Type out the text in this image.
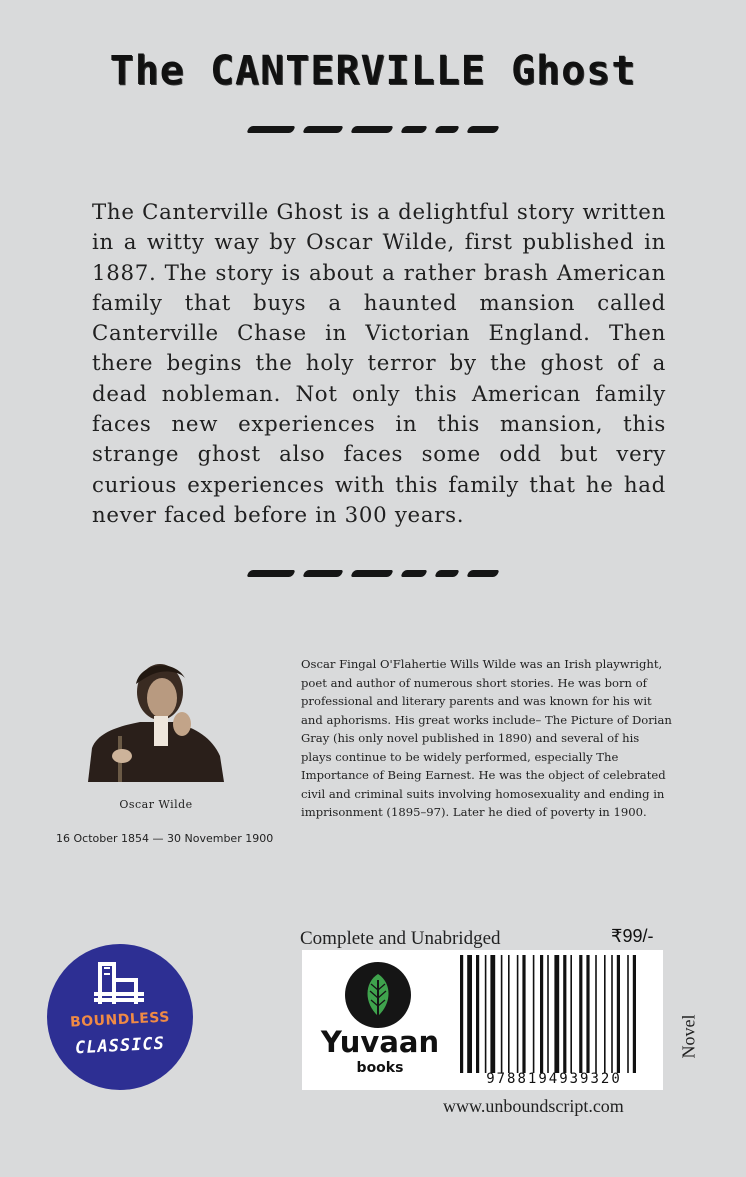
The CANTERVILLE Ghost
The Canterville Ghost is a delightful story written in a witty way by Oscar Wilde, first published in 1887. The story is about a rather brash American family that buys a haunted mansion called Canterville Chase in Victorian England. Then there begins the holy terror by the ghost of a dead nobleman. Not only this American family faces new experiences in this mansion, this strange ghost also faces some odd but very curious experiences with this family that he had never faced before in 300 years.
Oscar Wilde
16 October 1854 — 30 November 1900
Oscar Fingal O'Flahertie Wills Wilde was an Irish playwright, poet and author of numerous short stories. He was born of professional and literary parents and was known for his wit and aphorisms. His great works include– The Picture of Dorian Gray (his only novel published in 1890) and several of his plays continue to be widely performed, especially The Importance of Being Earnest. He was the object of celebrated civil and criminal suits involving homosexuality and ending in imprisonment (1895–97). Later he died of poverty in 1900.
Complete and Unabridged	₹99/-
Yuvaan
books
9788194939320
Novel
www.unboundscript.com
BOUNDLESS
CLASSICS
